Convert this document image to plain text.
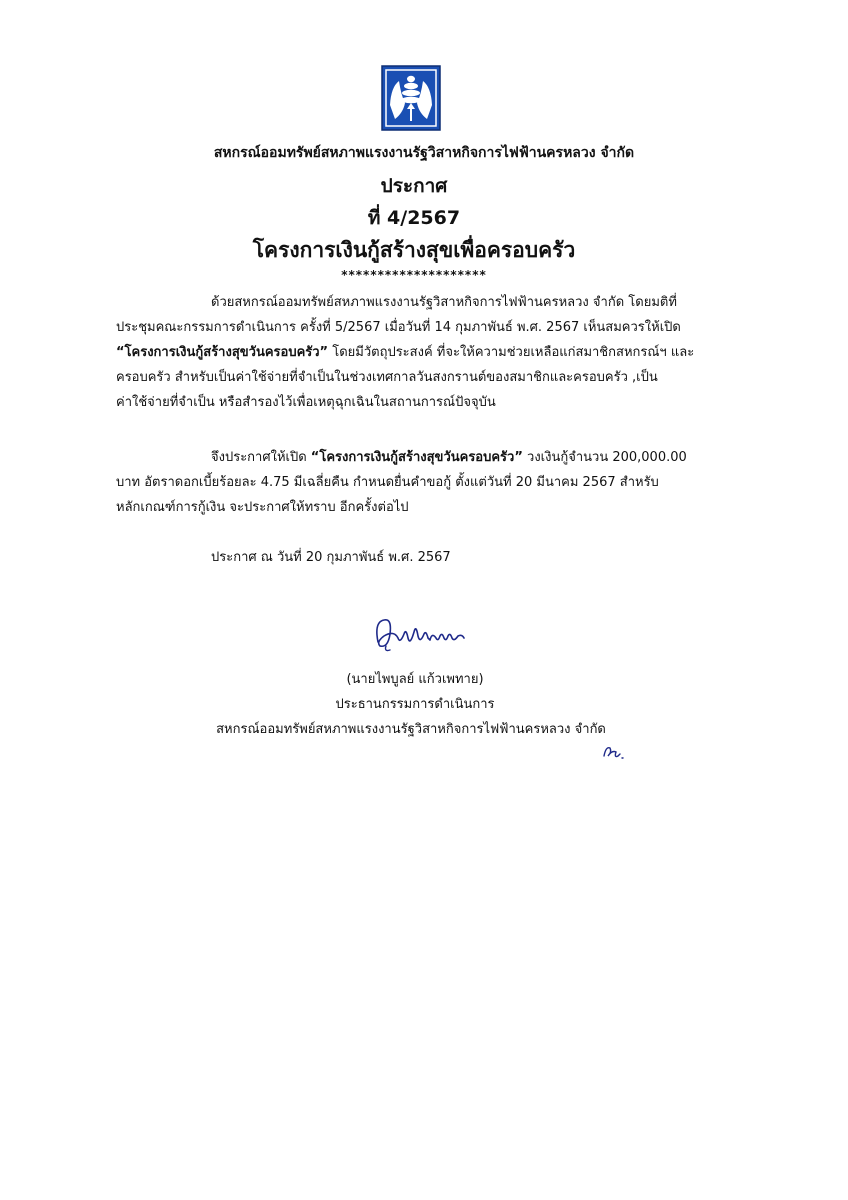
สหกรณ์ออมทรัพย์สหภาพแรงงานรัฐวิสาหกิจการไฟฟ้านครหลวง จำกัด
ประกาศ
ที่ 4/2567
โครงการเงินกู้สร้างสุขเพื่อครอบครัว
********************
ด้วยสหกรณ์ออมทรัพย์สหภาพแรงงานรัฐวิสาหกิจการไฟฟ้านครหลวง จำกัด โดยมติที่
ประชุมคณะกรรมการดำเนินการ ครั้งที่ 5/2567 เมื่อวันที่ 14 กุมภาพันธ์ พ.ศ. 2567 เห็นสมควรให้เปิด
“โครงการเงินกู้สร้างสุขวันครอบครัว” โดยมีวัตถุประสงค์ ที่จะให้ความช่วยเหลือแก่สมาชิกสหกรณ์ฯ และ
ครอบครัว สำหรับเป็นค่าใช้จ่ายที่จำเป็นในช่วงเทศกาลวันสงกรานต์ของสมาชิกและครอบครัว ,เป็น
ค่าใช้จ่ายที่จำเป็น หรือสำรองไว้เพื่อเหตุฉุกเฉินในสถานการณ์ปัจจุบัน
จึงประกาศให้เปิด “โครงการเงินกู้สร้างสุขวันครอบครัว” วงเงินกู้จำนวน 200,000.00
บาท อัตราดอกเบี้ยร้อยละ 4.75 มีเฉลี่ยคืน กำหนดยื่นคำขอกู้ ตั้งแต่วันที่ 20 มีนาคม 2567 สำหรับ
หลักเกณฑ์การกู้เงิน จะประกาศให้ทราบ อีกครั้งต่อไป
ประกาศ ณ วันที่ 20 กุมภาพันธ์ พ.ศ. 2567
(นายไพบูลย์ แก้วเพทาย)
ประธานกรรมการดำเนินการ
สหกรณ์ออมทรัพย์สหภาพแรงงานรัฐวิสาหกิจการไฟฟ้านครหลวง จำกัด
